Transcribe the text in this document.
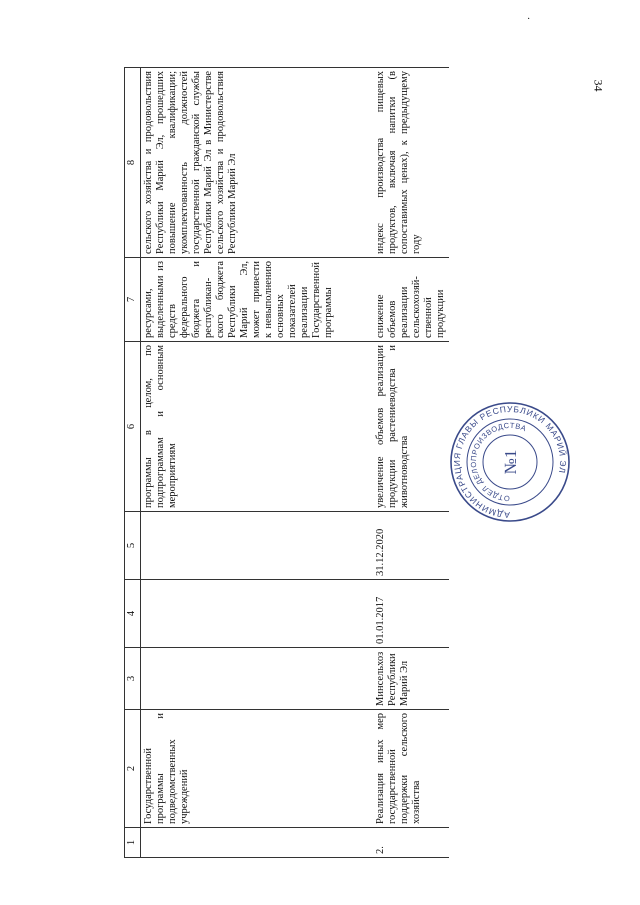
34
1	2	3	4	5	6	7	8
	Государственной программы и подведомственных учреждений				программы в целом, по подпрограммам и основным мероприятиям	ресурсами, выделенными из средств федерального бюджета и республикан-ского бюджета Республики Марий Эл, может привести к невыполнению основных показателей реализации Государственной программы	сельского хозяйства и продовольствия Республики Марий Эл, прошедших повышение квалификации; укомплектованность должностей государственной гражданской службы Республики Марий Эл в Министерстве сельского хозяйства и продовольствия Республики Марий Эл
2.	Реализация иных мер государственной поддержки сельского хозяйства	Минсельхоз Республики Марий Эл	01.01.2017	31.12.2020	увеличение объемов реализации продукции растениеводства и животноводства	снижение объемов реализации сельскохозяй-ственной продукции	индекс производства пищевых продуктов, включая напитки (в сопоставимых ценах), к предыдущему году
АДМИНИСТРАЦИЯ ГЛАВЫ РЕСПУБЛИКИ МАРИЙ ЭЛ
ОТДЕЛ ДЕЛОПРОИЗВОДСТВА
№1
·
